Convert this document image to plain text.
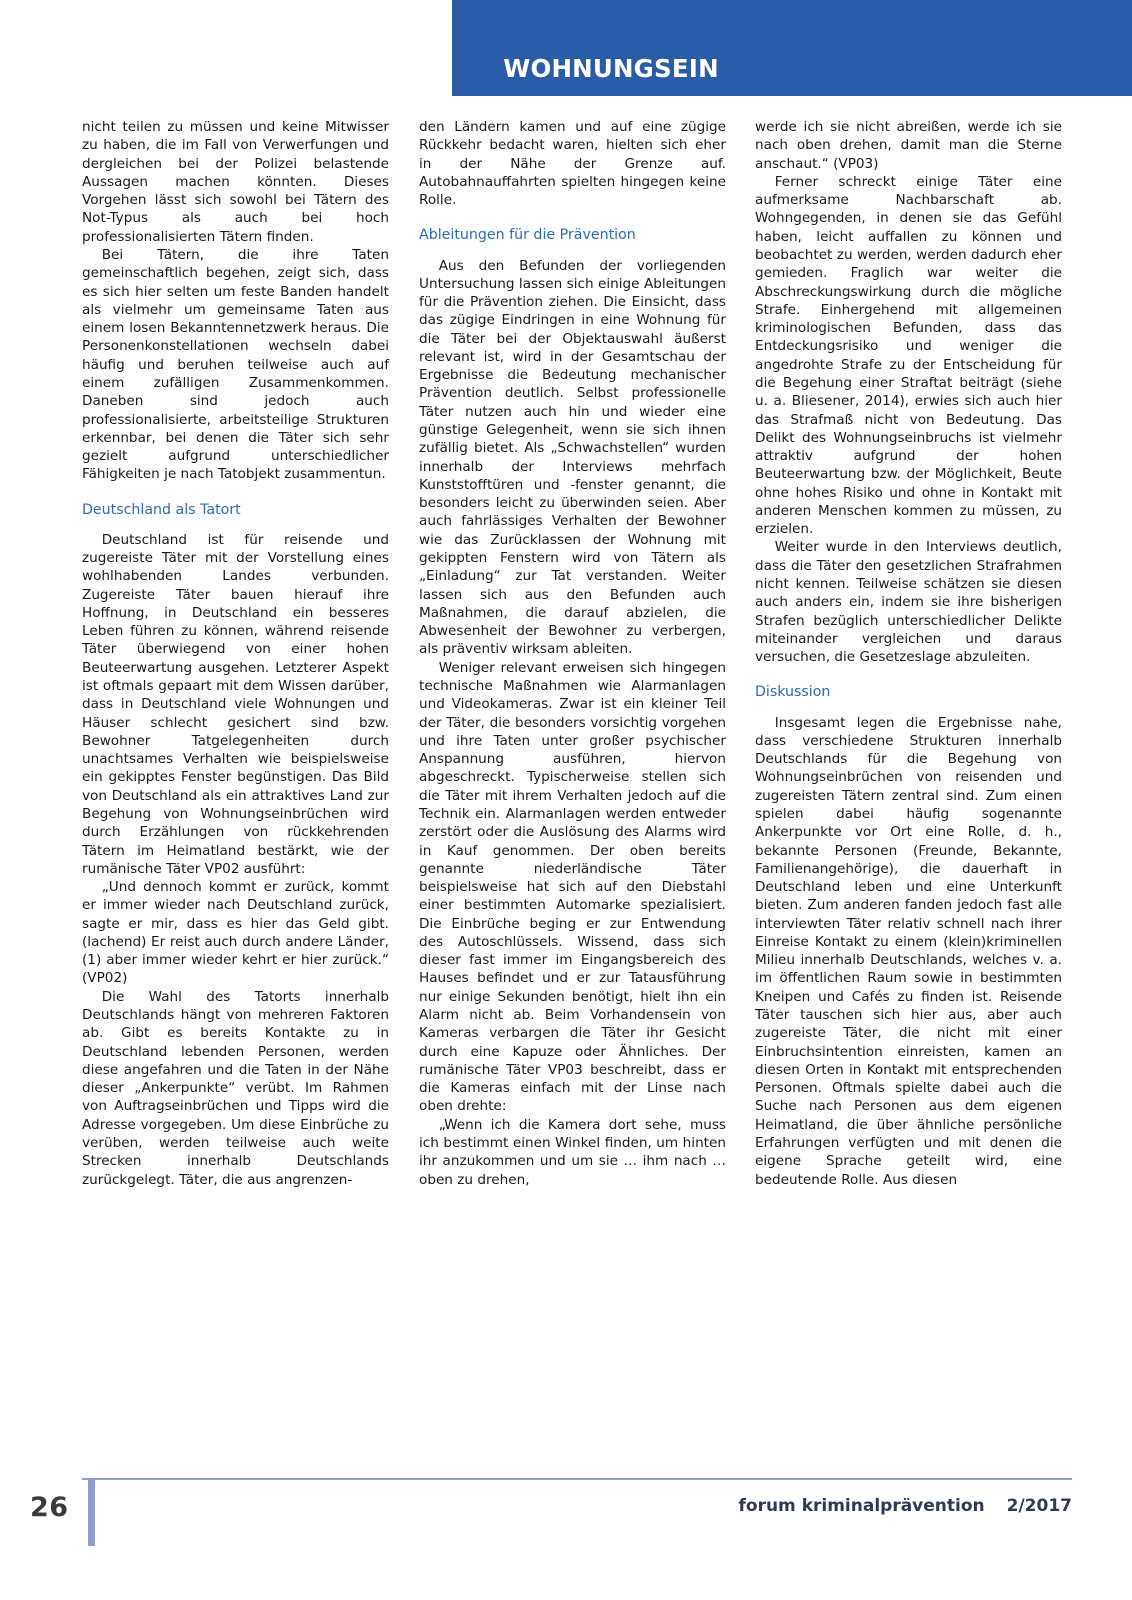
WOHNUNGSEINBRUCH UND PRÄVENTION

nicht teilen zu müssen und keine Mitwisser zu haben, die im Fall von Verwerfungen und dergleichen bei der Polizei belastende Aussagen machen könnten. Dieses Vorgehen lässt sich sowohl bei Tätern des Not-Typus als auch bei hoch professionalisierten Tätern finden.

Bei Tätern, die ihre Taten gemeinschaftlich begehen, zeigt sich, dass es sich hier selten um feste Banden handelt als vielmehr um gemeinsame Taten aus einem losen Bekanntennetzwerk heraus. Die Personenkonstellationen wechseln dabei häufig und beruhen teilweise auch auf einem zufälligen Zusammenkommen. Daneben sind jedoch auch professionalisierte, arbeitsteilige Strukturen erkennbar, bei denen die Täter sich sehr gezielt aufgrund unterschiedlicher Fähigkeiten je nach Tatobjekt zusammentun.

Deutschland als Tatort

Deutschland ist für reisende und zugereiste Täter mit der Vorstellung eines wohlhabenden Landes verbunden. Zugereiste Täter bauen hierauf ihre Hoffnung, in Deutschland ein besseres Leben führen zu können, während reisende Täter überwiegend von einer hohen Beuteerwartung ausgehen. Letzterer Aspekt ist oftmals gepaart mit dem Wissen darüber, dass in Deutschland viele Wohnungen und Häuser schlecht gesichert sind bzw. Bewohner Tatgelegenheiten durch unachtsames Verhalten wie beispielsweise ein gekipptes Fenster begünstigen. Das Bild von Deutschland als ein attraktives Land zur Begehung von Wohnungseinbrüchen wird durch Erzählungen von rückkehrenden Tätern im Heimatland bestärkt, wie der rumänische Täter VP02 ausführt:

„Und dennoch kommt er zurück, kommt er immer wieder nach Deutschland zurück, sagte er mir, dass es hier das Geld gibt. (lachend) Er reist auch durch andere Länder, (1) aber immer wieder kehrt er hier zurück.“ (VP02)

Die Wahl des Tatorts innerhalb Deutschlands hängt von mehreren Faktoren ab. Gibt es bereits Kontakte zu in Deutschland lebenden Personen, werden diese angefahren und die Taten in der Nähe dieser „Ankerpunkte“ verübt. Im Rahmen von Auftragseinbrüchen und Tipps wird die Adresse vorgegeben. Um diese Einbrüche zu verüben, werden teilweise auch weite Strecken innerhalb Deutschlands zurückgelegt. Täter, die aus angrenzen-

den Ländern kamen und auf eine zügige Rückkehr bedacht waren, hielten sich eher in der Nähe der Grenze auf. Autobahnauffahrten spielten hingegen keine Rolle.

Ableitungen für die Prävention

Aus den Befunden der vorliegenden Untersuchung lassen sich einige Ableitungen für die Prävention ziehen. Die Einsicht, dass das zügige Eindringen in eine Wohnung für die Täter bei der Objektauswahl äußerst relevant ist, wird in der Gesamtschau der Ergebnisse die Bedeutung mechanischer Prävention deutlich. Selbst professionelle Täter nutzen auch hin und wieder eine günstige Gelegenheit, wenn sie sich ihnen zufällig bietet. Als „Schwachstellen“ wurden innerhalb der Interviews mehrfach Kunststofftüren und -fenster genannt, die besonders leicht zu überwinden seien. Aber auch fahrlässiges Verhalten der Bewohner wie das Zurücklassen der Wohnung mit gekippten Fenstern wird von Tätern als „Einladung“ zur Tat verstanden. Weiter lassen sich aus den Befunden auch Maßnahmen, die darauf abzielen, die Abwesenheit der Bewohner zu verbergen, als präventiv wirksam ableiten.

Weniger relevant erweisen sich hingegen technische Maßnahmen wie Alarmanlagen und Videokameras. Zwar ist ein kleiner Teil der Täter, die besonders vorsichtig vorgehen und ihre Taten unter großer psychischer Anspannung ausführen, hiervon abgeschreckt. Typischerweise stellen sich die Täter mit ihrem Verhalten jedoch auf die Technik ein. Alarmanlagen werden entweder zerstört oder die Auslösung des Alarms wird in Kauf genommen. Der oben bereits genannte niederländische Täter beispielsweise hat sich auf den Diebstahl einer bestimmten Automarke spezialisiert. Die Einbrüche beging er zur Entwendung des Autoschlüssels. Wissend, dass sich dieser fast immer im Eingangsbereich des Hauses befindet und er zur Tatausführung nur einige Sekunden benötigt, hielt ihn ein Alarm nicht ab. Beim Vorhandensein von Kameras verbargen die Täter ihr Gesicht durch eine Kapuze oder Ähnliches. Der rumänische Täter VP03 beschreibt, dass er die Kameras einfach mit der Linse nach oben drehte:

„Wenn ich die Kamera dort sehe, muss ich bestimmt einen Winkel finden, um hinten ihr anzukommen und um sie … ihm nach … oben zu drehen,

werde ich sie nicht abreißen, werde ich sie nach oben drehen, damit man die Sterne anschaut.“ (VP03)

Ferner schreckt einige Täter eine aufmerksame Nachbarschaft ab. Wohngegenden, in denen sie das Gefühl haben, leicht auffallen zu können und beobachtet zu werden, werden dadurch eher gemieden. Fraglich war weiter die Abschreckungswirkung durch die mögliche Strafe. Einhergehend mit allgemeinen kriminologischen Befunden, dass das Entdeckungsrisiko und weniger die angedrohte Strafe zu der Entscheidung für die Begehung einer Straftat beiträgt (siehe u. a. Bliesener, 2014), erwies sich auch hier das Strafmaß nicht von Bedeutung. Das Delikt des Wohnungseinbruchs ist vielmehr attraktiv aufgrund der hohen Beuteerwartung bzw. der Möglichkeit, Beute ohne hohes Risiko und ohne in Kontakt mit anderen Menschen kommen zu müssen, zu erzielen.

Weiter wurde in den Interviews deutlich, dass die Täter den gesetzlichen Strafrahmen nicht kennen. Teilweise schätzen sie diesen auch anders ein, indem sie ihre bisherigen Strafen bezüglich unterschiedlicher Delikte miteinander vergleichen und daraus versuchen, die Gesetzeslage abzuleiten.

Diskussion

Insgesamt legen die Ergebnisse nahe, dass verschiedene Strukturen innerhalb Deutschlands für die Begehung von Wohnungseinbrüchen von reisenden und zugereisten Tätern zentral sind. Zum einen spielen dabei häufig sogenannte Ankerpunkte vor Ort eine Rolle, d. h., bekannte Personen (Freunde, Bekannte, Familienangehörige), die dauerhaft in Deutschland leben und eine Unterkunft bieten. Zum anderen fanden jedoch fast alle interviewten Täter relativ schnell nach ihrer Einreise Kontakt zu einem (klein)kriminellen Milieu innerhalb Deutschlands, welches v. a. im öffentlichen Raum sowie in bestimmten Kneipen und Cafés zu finden ist. Reisende Täter tauschen sich hier aus, aber auch zugereiste Täter, die nicht mit einer Einbruchsintention einreisten, kamen an diesen Orten in Kontakt mit entsprechenden Personen. Oftmals spielte dabei auch die Suche nach Personen aus dem eigenen Heimatland, die über ähnliche persönliche Erfahrungen verfügten und mit denen die eigene Sprache geteilt wird, eine bedeutende Rolle. Aus diesen

26	forum kriminalprävention 2/2017
